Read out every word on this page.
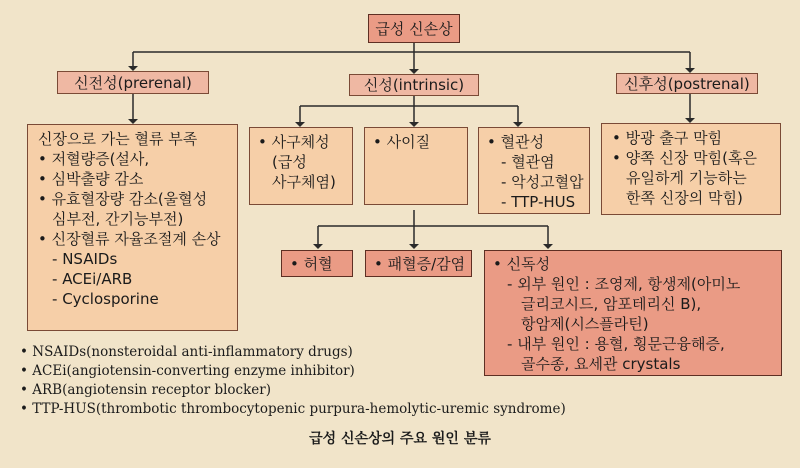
급성 신손상
신전성(prerenal)	신성(intrinsic)	신후성(postrenal)
신장으로 가는 혈류 부족
• 저혈량증(설사,
• 심박출량 감소
• 유효혈장량 감소(울혈성
심부전, 간기능부전)
• 신장혈류 자율조절계 손상
- NSAIDs
- ACEi/ARB
- Cyclosporine
• 사구체성
(급성
사구체염)
• 사이질	• 혈관성
- 혈관염
- 악성고혈압
- TTP-HUS
• 방광 출구 막힘
• 양쪽 신장 막힘(혹은
유일하게 기능하는
한쪽 신장의 막힘)
• 허혈	• 패혈증/감염	• 신독성
- 외부 원인 : 조영제, 항생제(아미노
글리코시드, 암포테리신 B),
항암제(시스플라틴)
- 내부 원인 : 용혈, 횡문근융해증,
골수종, 요세관 crystals
• NSAIDs(nonsteroidal anti-inflammatory drugs)
• ACEi(angiotensin-converting enzyme inhibitor)
• ARB(angiotensin receptor blocker)
• TTP-HUS(thrombotic thrombocytopenic purpura-hemolytic-uremic syndrome)
급성 신손상의 주요 원인 분류
